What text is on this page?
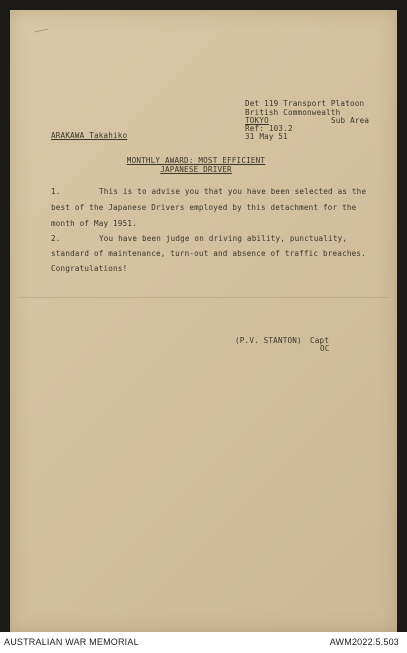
Det 119 Transport Platoon
British Commonwealth
TOKYO	Sub Area
Ref: 103.2
31 May 51
ARAKAWA Takahiko
MONTHLY AWARD: MOST EFFICIENT
JAPANESE DRIVER
1.	This is to advise you that you have been selected as the
best of the Japanese Drivers employed by this detachment for the
month of May 1951.
2.	You have been judge on driving ability, punctuality,
standard of maintenance, turn-out and absence of traffic breaches.
Congratulations!
(P.V. STANTON) Capt
OC
AUSTRALIAN WAR MEMORIAL	AWM2022.5.503
